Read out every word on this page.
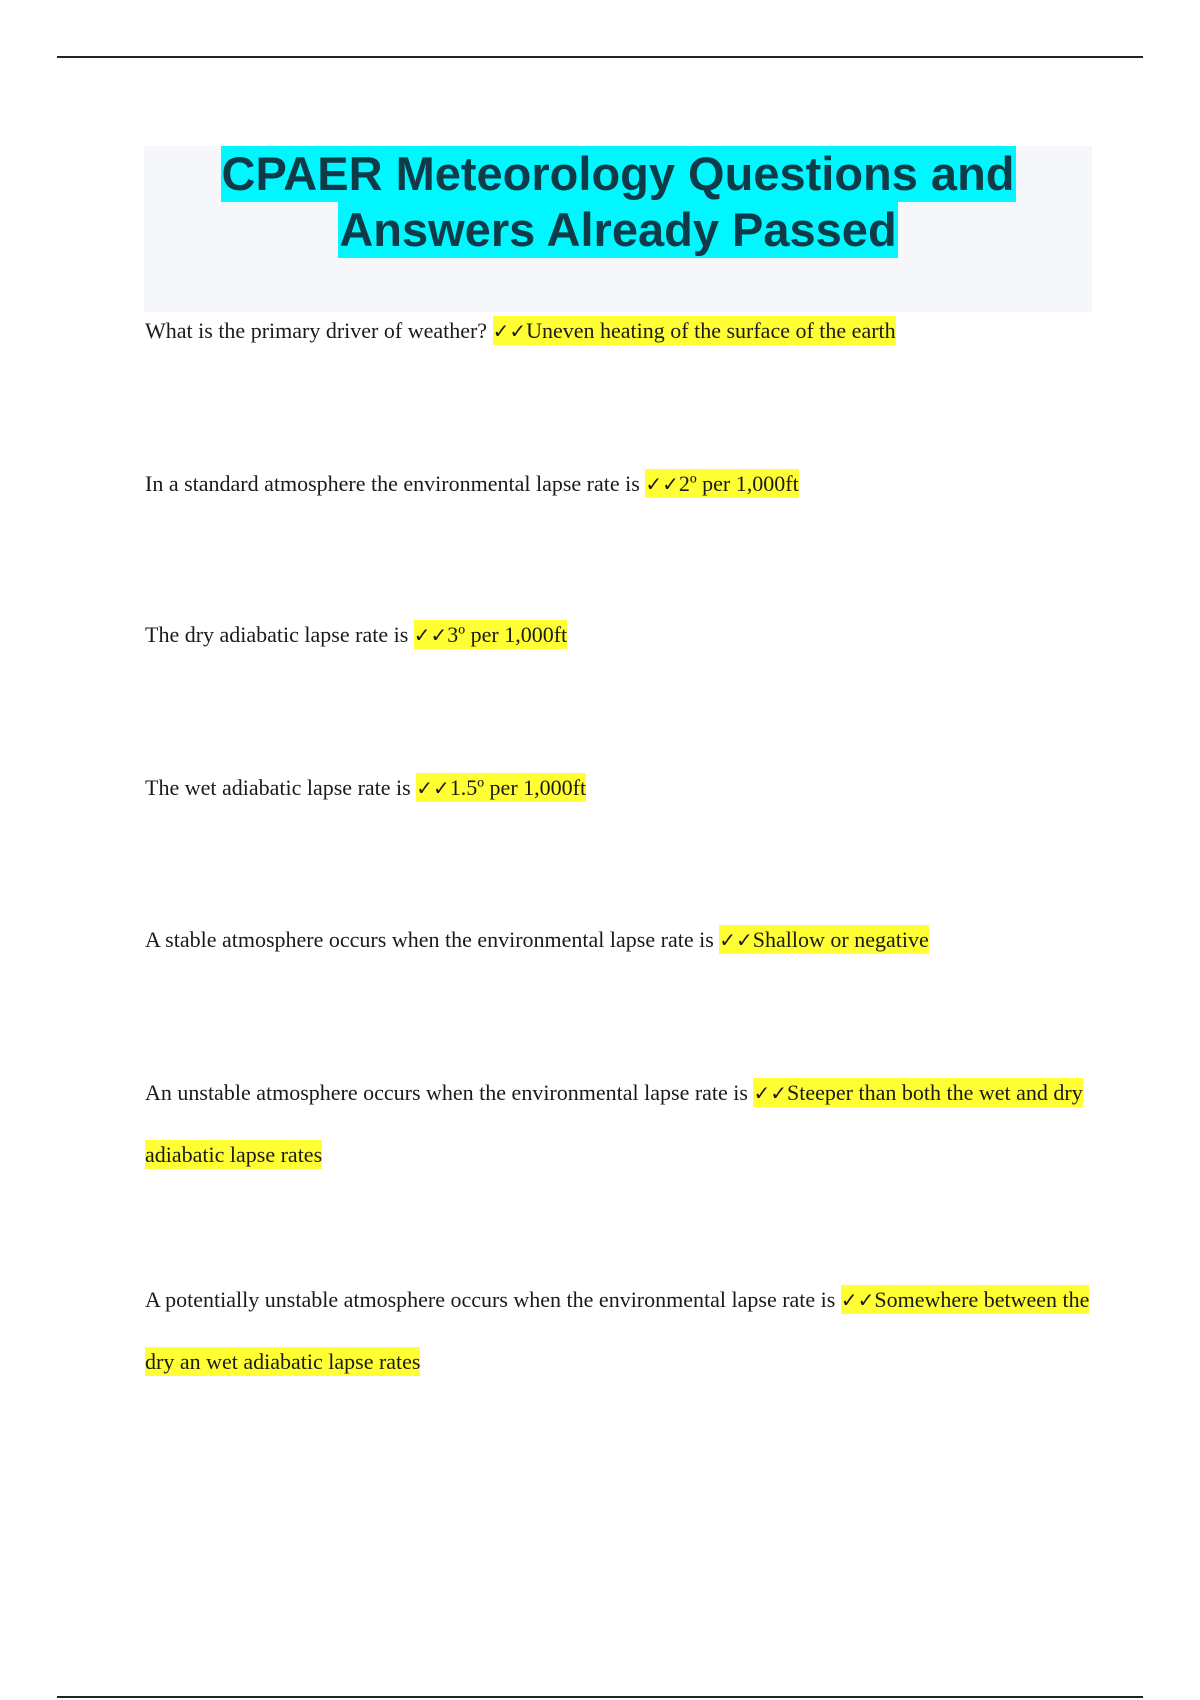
CPAER Meteorology Questions and
Answers Already Passed

What is the primary driver of weather? ✓✓Uneven heating of the surface of the earth

In a standard atmosphere the environmental lapse rate is ✓✓2º per 1,000ft

The dry adiabatic lapse rate is ✓✓3º per 1,000ft

The wet adiabatic lapse rate is ✓✓1.5º per 1,000ft

A stable atmosphere occurs when the environmental lapse rate is ✓✓Shallow or negative

An unstable atmosphere occurs when the environmental lapse rate is ✓✓Steeper than both the wet and dry adiabatic lapse rates

A potentially unstable atmosphere occurs when the environmental lapse rate is ✓✓Somewhere between the dry an wet adiabatic lapse rates
